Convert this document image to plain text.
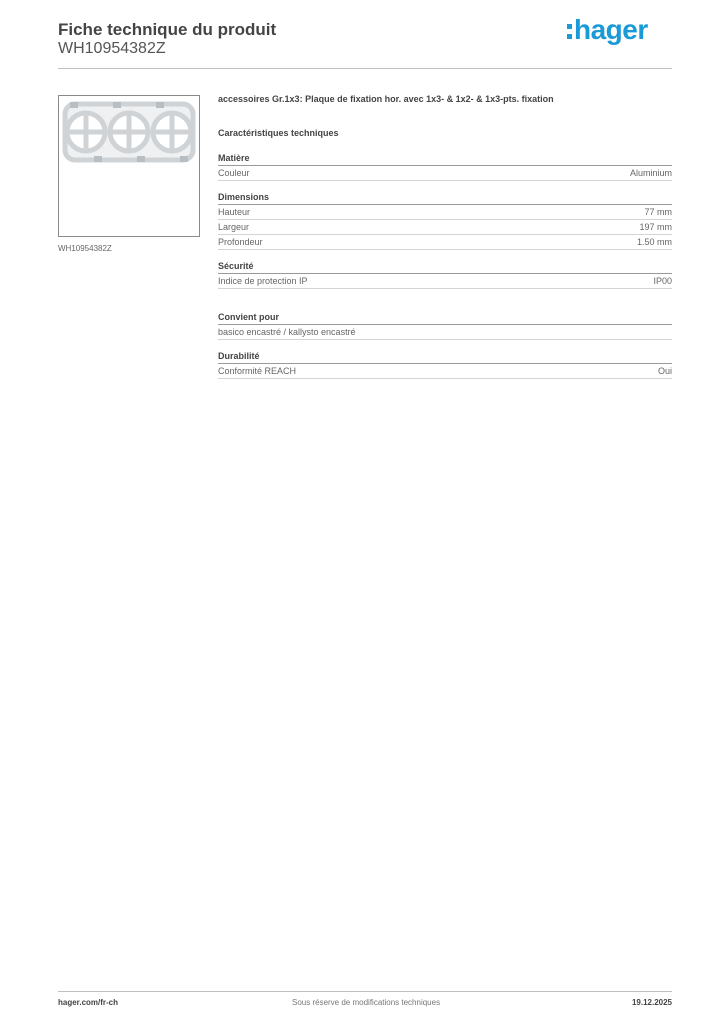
Fiche technique du produit
WH10954382Z
hager
WH10954382Z
accessoires Gr.1x3: Plaque de fixation hor. avec 1x3- & 1x2- & 1x3-pts. fixation
Caractéristiques techniques
Matière
Couleur	Aluminium
Dimensions
Hauteur	77 mm
Largeur	197 mm
Profondeur	1.50 mm
Sécurité
Indice de protection IP	IP00
Convient pour
basico encastré / kallysto encastré
Durabilité
Conformité REACH	Oui
hager.com/fr-ch	Sous réserve de modifications techniques	19.12.2025
